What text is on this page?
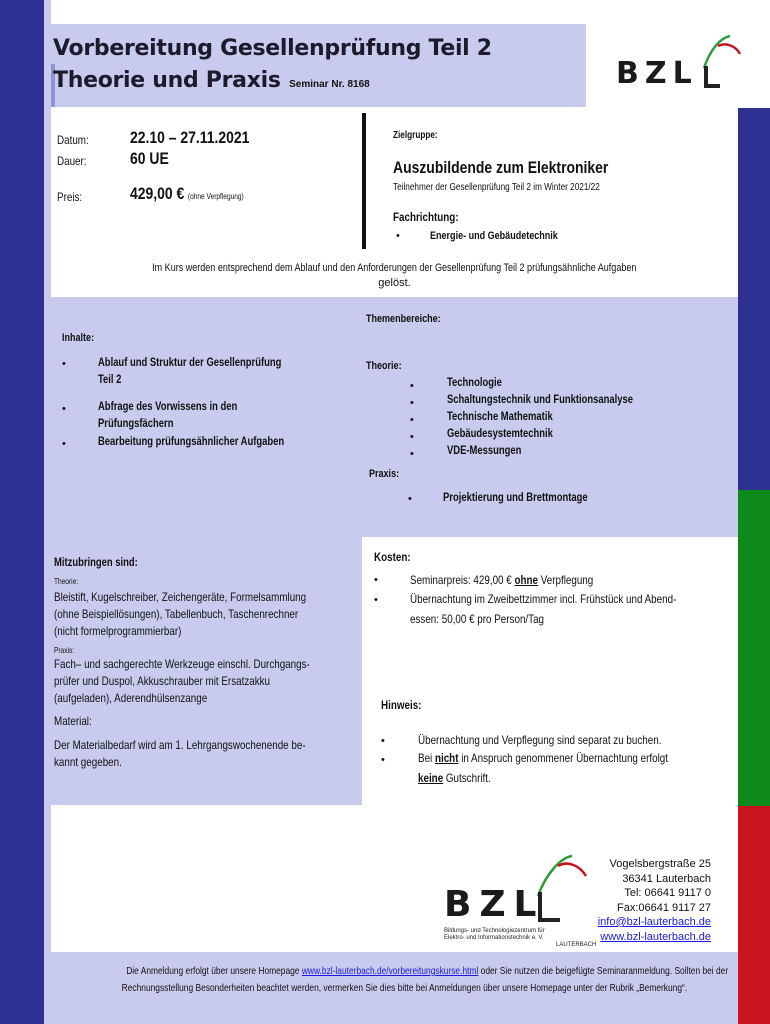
Vorbereitung Gesellenprüfung Teil 2
Theorie und Praxis Seminar Nr. 8168	BZL
Datum: 22.10 – 27.11.2021
Dauer:	60 UE
Preis:	429,00 € (ohne Verpflegung)
Zielgruppe:
Auszubildende zum Elektroniker
Teilnehmer der Gesellenprüfung Teil 2 im Winter 2021/22
Fachrichtung:
•	Energie- und Gebäudetechnik
Im Kurs werden entsprechend dem Ablauf und den Anforderungen der Gesellenprüfung Teil 2 prüfungsähnliche Aufgaben
gelöst.
Themenbereiche:
Inhalte:
•	Ablauf und Struktur der Gesellenprüfung
Teil 2
•	Abfrage des Vorwissens in den
Prüfungsfächern
•	Bearbeitung prüfungsähnlicher Aufgaben
Theorie:
•
•
•
•
•
Technologie
Schaltungstechnik und Funktionsanalyse
Technische Mathematik
Gebäudesystemtechnik
VDE-Messungen
Praxis:
•	Projektierung und Brettmontage
Mitzubringen sind:
Theorie:
Bleistift, Kugelschreiber, Zeichengeräte, Formelsammlung
(ohne Beispiellösungen), Tabellenbuch, Taschenrechner
(nicht formelprogrammierbar)
Praxis:
Fach– und sachgerechte Werkzeuge einschl. Durchgangs-
prüfer und Duspol, Akkuschrauber mit Ersatzakku
(aufgeladen), Aderendhülsenzange
Material:
Der Materialbedarf wird am 1. Lehrgangswochenende be-
kannt gegeben.
Kosten:
•	Seminarpreis: 429,00 € ohne Verpflegung
•	Übernachtung im Zweibettzimmer incl. Frühstück und Abend-
essen: 50,00 € pro Person/Tag
Hinweis:
•	Übernachtung und Verpflegung sind separat zu buchen.
•	Bei nicht in Anspruch genommener Übernachtung erfolgt
keine Gutschrift.
BZL
Bildungs- und Technologiezentrum für
Elektro- und Informationstechnik e. V.
LAUTERBACH
Vogelsbergstraße 25
36341 Lauterbach
Tel: 06641 9117 0
Fax:06641 9117 27
info@bzl-lauterbach.de
www.bzl-lauterbach.de
Die Anmeldung erfolgt über unsere Homepage www.bzl-lauterbach.de/vorbereitungskurse.html oder Sie nutzen die beigefügte Seminaranmeldung. Sollten bei der
Rechnungsstellung Besonderheiten beachtet werden, vermerken Sie dies bitte bei Anmeldungen über unsere Homepage unter der Rubrik „Bemerkung“.
